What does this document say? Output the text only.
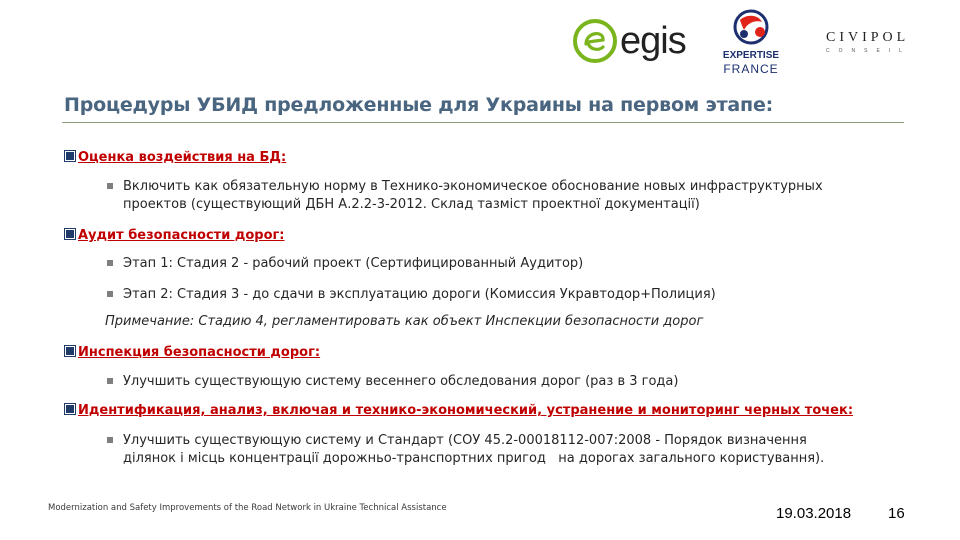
egis	EXPERTISE
FRANCE
CIVIPOL
CONSEIL
Процедуры УБИД предложенные для Украины на первом этапе:
Оценка воздействия на БД:
Включить как обязательную норму в Технико-экономическое обоснование новых инфраструктурных
проектов (существующий ДБН А.2.2-3-2012. Склад тазміст проектної документації)
Аудит безопасности дорог:
Этап 1: Стадия 2 - рабочий проект (Сертифицированный Аудитор)
Этап 2: Стадия 3 - до сдачи в эксплуатацию дороги (Комиссия Укравтодор+Полиция)
Примечание: Стадию 4, регламентировать как объект Инспекции безопасности дорог
Инспекция безопасности дорог:
Улучшить существующую систему весеннего обследования дорог (раз в 3 года)
Идентификация, анализ, включая и технико-экономический, устранение и мониторинг черных точек:
Улучшить существующую систему и Стандарт (СОУ 45.2-00018112-007:2008 - Порядок визначення
ділянок і місць концентрації дорожньо-транспортних пригод   на дорогах загального користування).
Modernization and Safety Improvements of the Road Network in Ukraine Technical Assistance	19.03.2018 16
